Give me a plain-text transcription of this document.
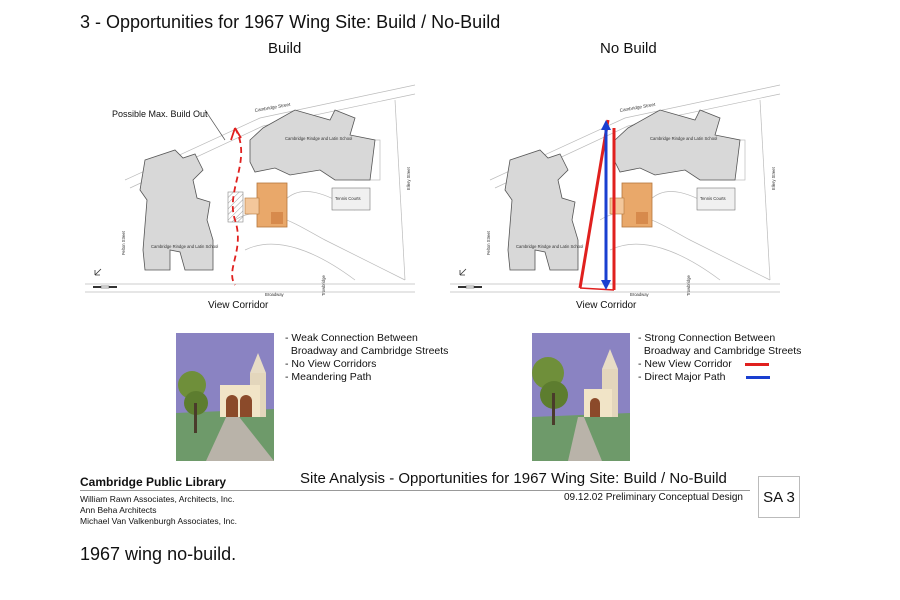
3 - Opportunities for 1967 Wing Site: Build / No-Build
Build	No Build
Cambridge Street
Cambridge Rindge and Latin School
Cambridge Rindge and Latin School
Tennis Courts
Ellery Street
Felton Street
Broadway	Trowbridge
Cambridge Street
Cambridge Rindge and Latin School
Cambridge Rindge and Latin School
Tennis Courts
Ellery Street
Felton Street
Broadway	Trowbridge
Possible Max. Build Out
View Corridor	View Corridor
- Weak Connection Between
Broadway and Cambridge Streets
- No View Corridors
- Meandering Path
- Strong Connection Between
Broadway and Cambridge Streets
- New View Corridor
- Direct Major Path
Cambridge Public Library
William Rawn Associates, Architects, Inc.
Ann Beha Architects
Michael Van Valkenburgh Associates, Inc.
Site Analysis - Opportunities for 1967 Wing Site: Build / No-Build
09.12.02 Preliminary Conceptual Design	SA 3
1967 wing no-build.
